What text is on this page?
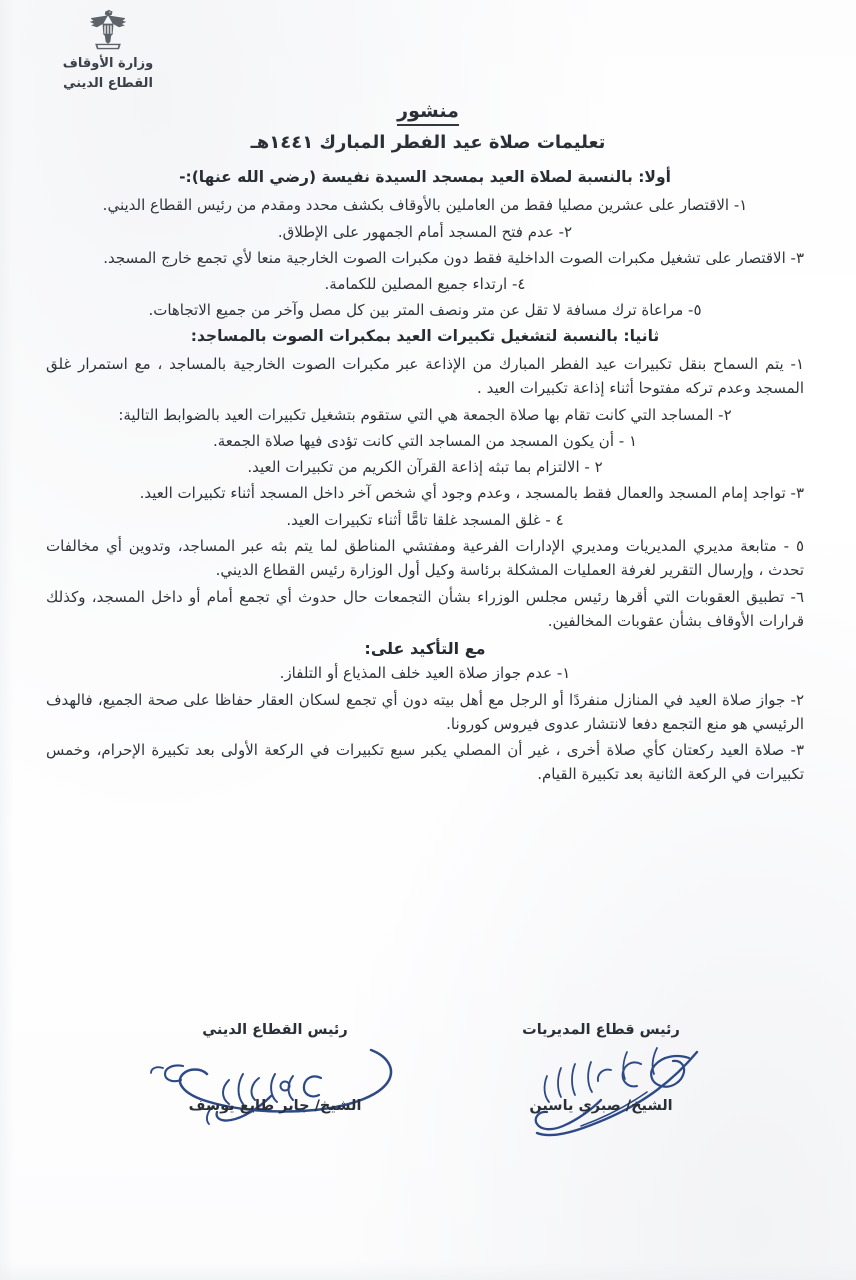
وزارة الأوقاف
القطاع الديني
منشور
تعليمات صلاة عيد الفطر المبارك ١٤٤١هـ
أولا: بالنسبة لصلاة العيد بمسجد السيدة نفيسة (رضي الله عنها):-

١- الاقتصار على عشرين مصليا فقط من العاملين بالأوقاف بكشف محدد ومقدم من رئيس القطاع الديني.

٢- عدم فتح المسجد أمام الجمهور على الإطلاق.

٣- الاقتصار على تشغيل مكبرات الصوت الداخلية فقط دون مكبرات الصوت الخارجية منعا لأي تجمع خارج المسجد.

٤- ارتداء جميع المصلين للكمامة.

٥- مراعاة ترك مسافة لا تقل عن متر ونصف المتر بين كل مصل وآخر من جميع الاتجاهات.

ثانيا: بالنسبة لتشغيل تكبيرات العيد بمكبرات الصوت بالمساجد:

١- يتم السماح بنقل تكبيرات عيد الفطر المبارك من الإذاعة عبر مكبرات الصوت الخارجية بالمساجد ، مع استمرار غلق المسجد وعدم تركه مفتوحا أثناء إذاعة تكبيرات العيد .

٢- المساجد التي كانت تقام بها صلاة الجمعة هي التي ستقوم بتشغيل تكبيرات العيد بالضوابط التالية:

١ - أن يكون المسجد من المساجد التي كانت تؤدى فيها صلاة الجمعة.

٢ - الالتزام بما تبثه إذاعة القرآن الكريم من تكبيرات العيد.

٣- تواجد إمام المسجد والعمال فقط بالمسجد ، وعدم وجود أي شخص آخر داخل المسجد أثناء تكبيرات العيد.

٤ - غلق المسجد غلقا تامًّا أثناء تكبيرات العيد.

٥ - متابعة مديري المديريات ومديري الإدارات الفرعية ومفتشي المناطق لما يتم بثه عبر المساجد، وتدوين أي مخالفات تحدث ، وإرسال التقرير لغرفة العمليات المشكلة برئاسة وكيل أول الوزارة رئيس القطاع الديني.

٦- تطبيق العقوبات التي أقرها رئيس مجلس الوزراء بشأن التجمعات حال حدوث أي تجمع أمام أو داخل المسجد، وكذلك قرارات الأوقاف بشأن عقوبات المخالفين.

مع التأكيد على:

١- عدم جواز صلاة العيد خلف المذياع أو التلفاز.

٢- جواز صلاة العيد في المنازل منفردًا أو الرجل مع أهل بيته دون أي تجمع لسكان العقار حفاظا على صحة الجميع، فالهدف الرئيسي هو منع التجمع دفعا لانتشار عدوى فيروس كورونا.

٣- صلاة العيد ركعتان كأي صلاة أخرى ، غير أن المصلي يكبر سبع تكبيرات في الركعة الأولى بعد تكبيرة الإحرام، وخمس تكبيرات في الركعة الثانية بعد تكبيرة القيام.

رئيس قطاع المديريات
الشيخ/ صبري ياسين
رئيس القطاع الديني
الشيخ/ جابر طايع يوسف
